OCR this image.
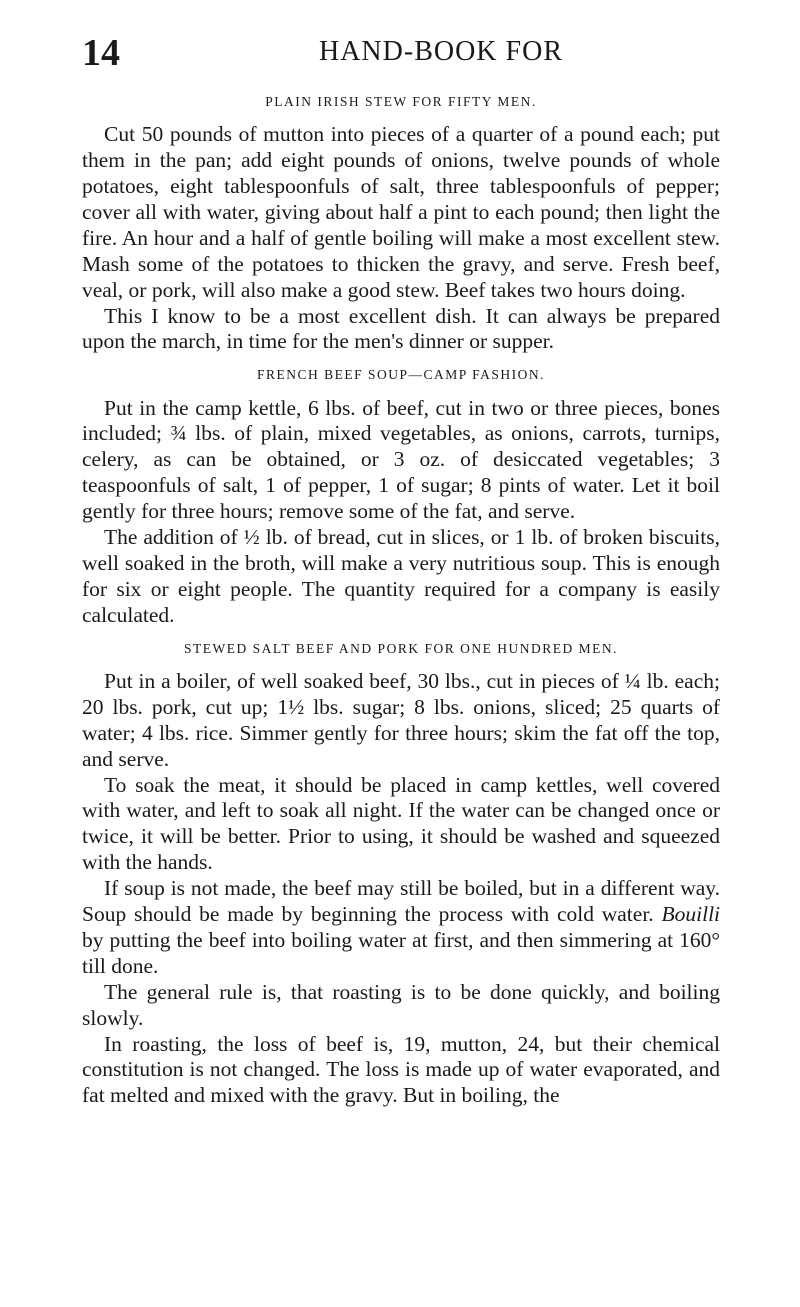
14	HAND-BOOK FOR
PLAIN IRISH STEW FOR FIFTY MEN.

Cut 50 pounds of mutton into pieces of a quarter of a pound each; put them in the pan; add eight pounds of onions, twelve pounds of whole potatoes, eight tablespoonfuls of salt, three tablespoonfuls of pepper; cover all with water, giving about half a pint to each pound; then light the fire. An hour and a half of gentle boiling will make a most excellent stew. Mash some of the potatoes to thicken the gravy, and serve. Fresh beef, veal, or pork, will also make a good stew. Beef takes two hours doing.

This I know to be a most excellent dish. It can always be prepared upon the march, in time for the men's dinner or supper.

FRENCH BEEF SOUP—CAMP FASHION.

Put in the camp kettle, 6 lbs. of beef, cut in two or three pieces, bones included; ¾ lbs. of plain, mixed vegetables, as onions, carrots, turnips, celery, as can be obtained, or 3 oz. of desiccated vegetables; 3 teaspoonfuls of salt, 1 of pepper, 1 of sugar; 8 pints of water. Let it boil gently for three hours; remove some of the fat, and serve.

The addition of ½ lb. of bread, cut in slices, or 1 lb. of broken biscuits, well soaked in the broth, will make a very nutritious soup. This is enough for six or eight people. The quantity required for a company is easily calculated.

STEWED SALT BEEF AND PORK FOR ONE HUNDRED MEN.

Put in a boiler, of well soaked beef, 30 lbs., cut in pieces of ¼ lb. each; 20 lbs. pork, cut up; 1½ lbs. sugar; 8 lbs. onions, sliced; 25 quarts of water; 4 lbs. rice. Simmer gently for three hours; skim the fat off the top, and serve.

To soak the meat, it should be placed in camp kettles, well covered with water, and left to soak all night. If the water can be changed once or twice, it will be better. Prior to using, it should be washed and squeezed with the hands.

If soup is not made, the beef may still be boiled, but in a different way. Soup should be made by beginning the process with cold water. Bouilli by putting the beef into boiling water at first, and then simmering at 160° till done.

The general rule is, that roasting is to be done quickly, and boiling slowly.

In roasting, the loss of beef is, 19, mutton, 24, but their chemical constitution is not changed. The loss is made up of water evaporated, and fat melted and mixed with the gravy. But in boiling, the
